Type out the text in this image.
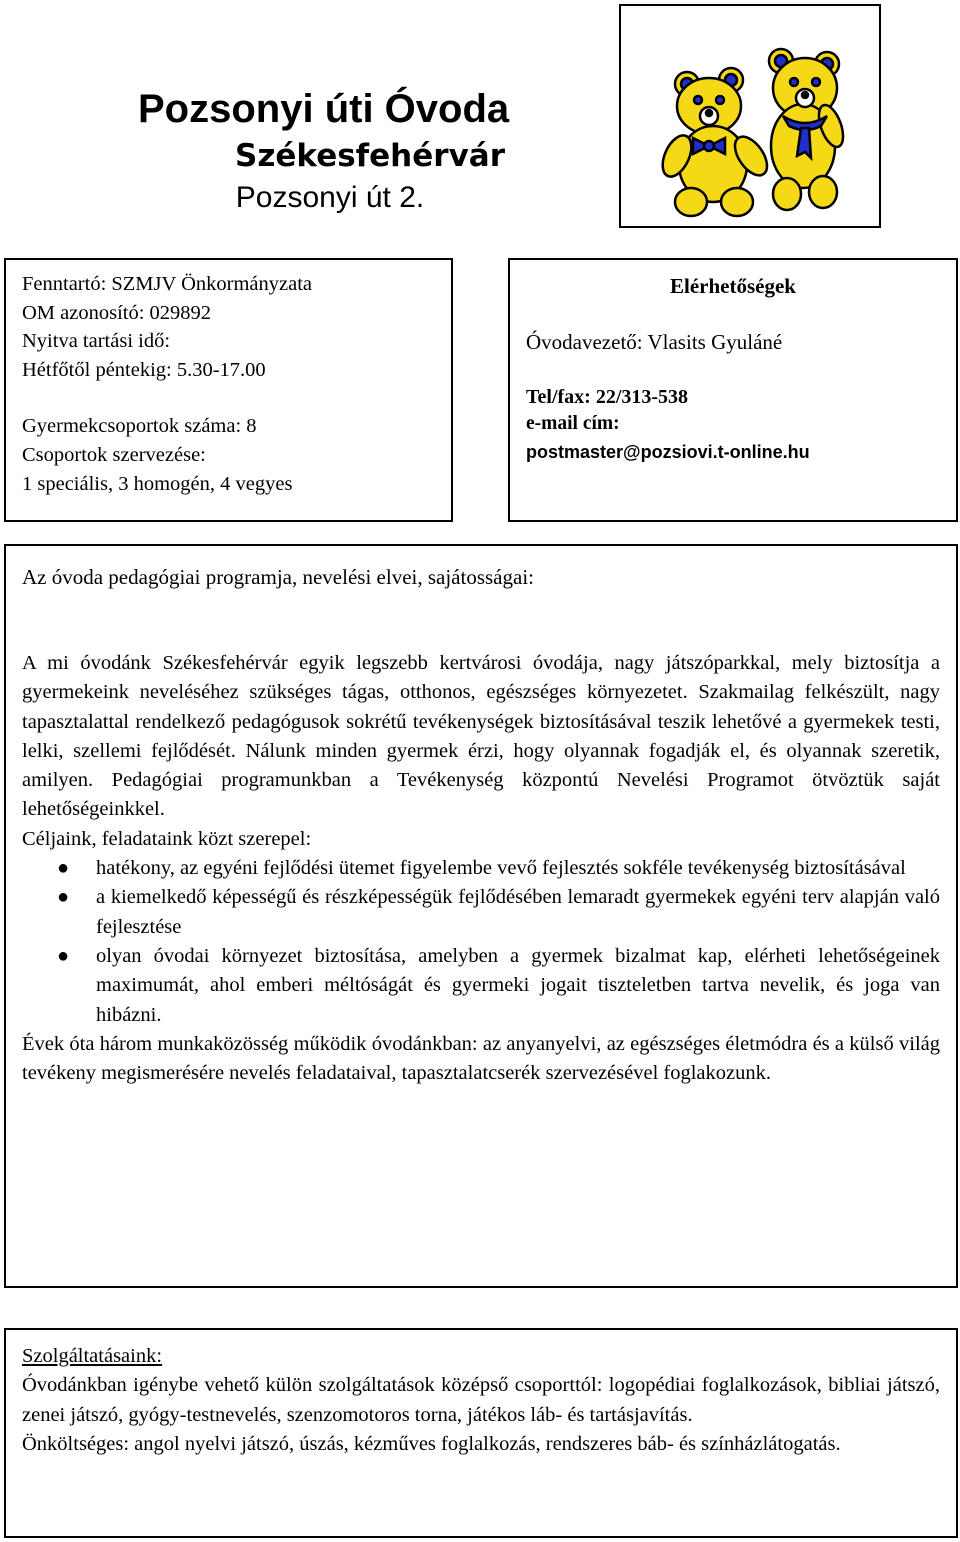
Pozsonyi úti Óvoda
Székesfehérvár
Pozsonyi út 2.
Fenntartó: SZMJV Önkormányzata
OM azonosító: 029892
Nyitva tartási idő:
Hétfőtől péntekig: 5.30-17.00
Gyermekcsoportok száma: 8
Csoportok szervezése:
1 speciális, 3 homogén, 4 vegyes
Elérhetőségek
Óvodavezető: Vlasits Gyuláné
Tel/fax: 22/313-538
e-mail cím:
postmaster@pozsiovi.t-online.hu
Az óvoda pedagógiai programja, nevelési elvei, sajátosságai:
A mi óvodánk Székesfehérvár egyik legszebb kertvárosi óvodája, nagy játszóparkkal, mely biztosítja a gyermekeink neveléséhez szükséges tágas, otthonos, egészséges környezetet. Szakmailag felkészült, nagy tapasztalattal rendelkező pedagógusok sokrétű tevékenységek biztosításával teszik lehetővé a gyermekek testi, lelki, szellemi fejlődését. Nálunk minden gyermek érzi, hogy olyannak fogadják el, és olyannak szeretik, amilyen. Pedagógiai programunkban a Tevékenység központú Nevelési Programot ötvöztük saját lehetőségeinkkel.
Céljaink, feladataink közt szerepel:
● hatékony, az egyéni fejlődési ütemet figyelembe vevő fejlesztés sokféle tevékenység biztosításával
● a kiemelkedő képességű és részképességük fejlődésében lemaradt gyermekek egyéni terv alapján való fejlesztése
● olyan óvodai környezet biztosítása, amelyben a gyermek bizalmat kap, elérheti lehetőségeinek maximumát, ahol emberi méltóságát és gyermeki jogait tiszteletben tartva nevelik, és joga van hibázni.
Évek óta három munkaközösség működik óvodánkban: az anyanyelvi, az egészséges életmódra és a külső világ tevékeny megismerésére nevelés feladataival, tapasztalatcserék szervezésével foglakozunk.
Szolgáltatásaink:
Óvodánkban igénybe vehető külön szolgáltatások középső csoporttól: logopédiai foglalkozások, bibliai játszó, zenei játszó, gyógy-testnevelés, szenzomotoros torna, játékos láb- és tartásjavítás.
Önköltséges: angol nyelvi játszó, úszás, kézműves foglalkozás, rendszeres báb- és színházlátogatás.
